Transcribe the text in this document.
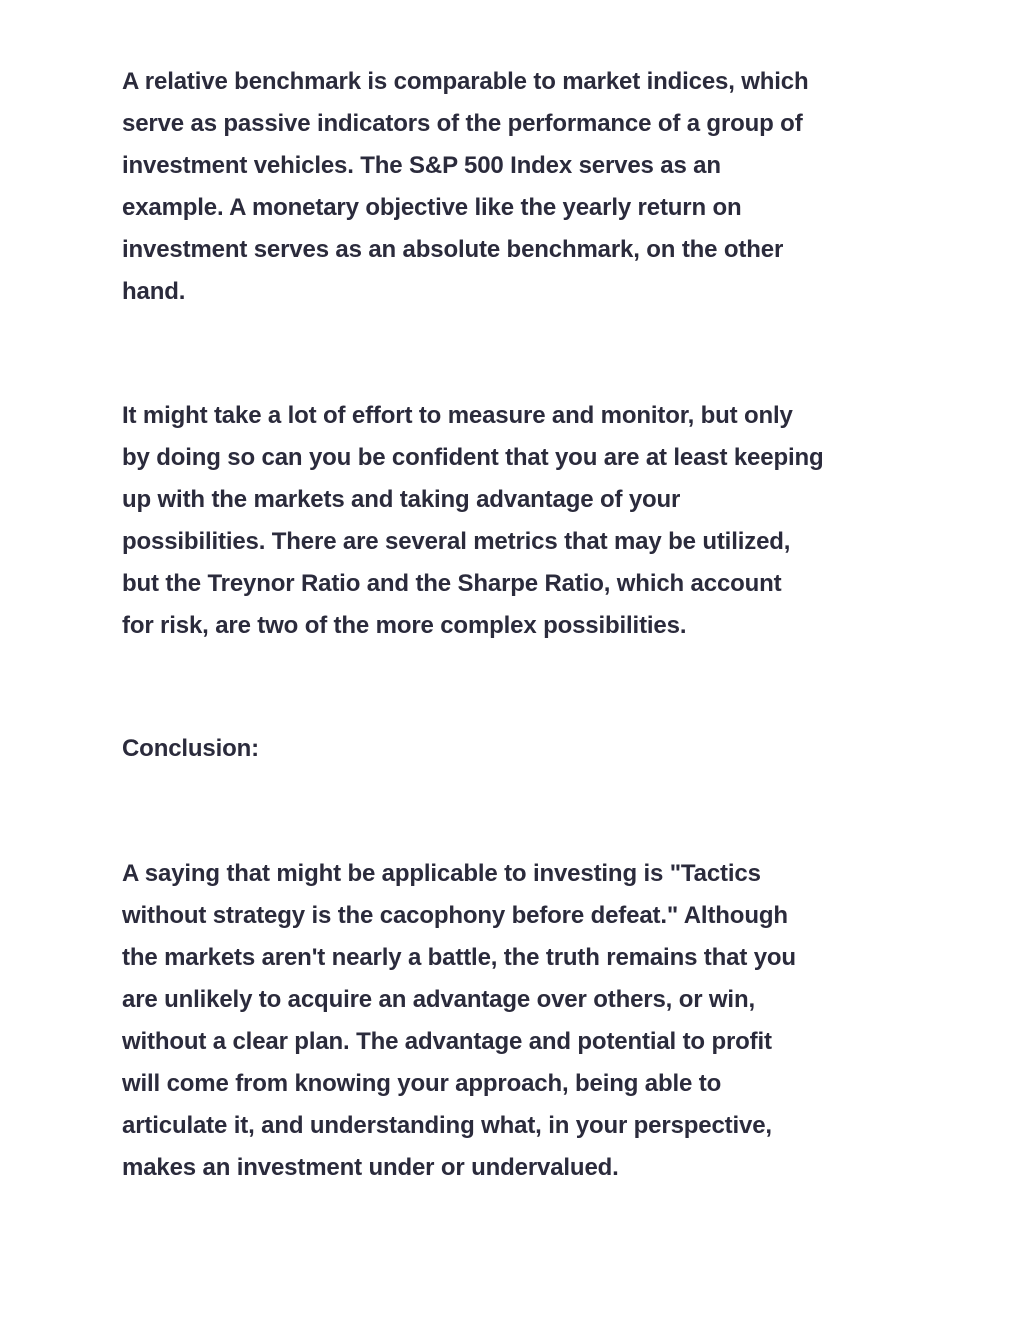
A relative benchmark is comparable to market indices, which
serve as passive indicators of the performance of a group of
investment vehicles. The S&P 500 Index serves as an
example. A monetary objective like the yearly return on
investment serves as an absolute benchmark, on the other
hand.

It might take a lot of effort to measure and monitor, but only
by doing so can you be confident that you are at least keeping
up with the markets and taking advantage of your
possibilities. There are several metrics that may be utilized,
but the Treynor Ratio and the Sharpe Ratio, which account
for risk, are two of the more complex possibilities.

Conclusion:

A saying that might be applicable to investing is "Tactics
without strategy is the cacophony before defeat." Although
the markets aren't nearly a battle, the truth remains that you
are unlikely to acquire an advantage over others, or win,
without a clear plan. The advantage and potential to profit
will come from knowing your approach, being able to
articulate it, and understanding what, in your perspective,
makes an investment under or undervalued.
